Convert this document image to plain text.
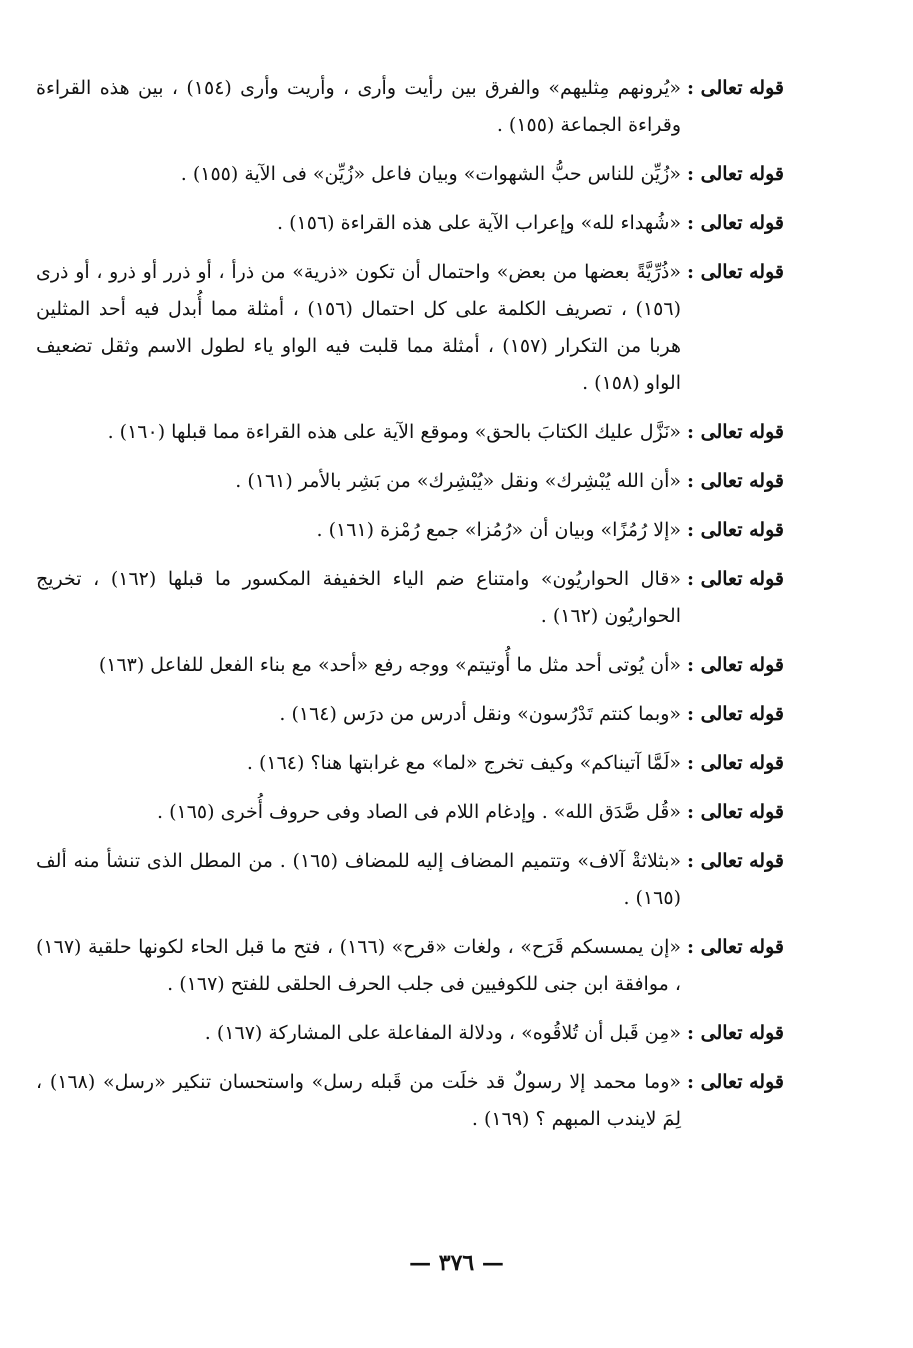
قوله تعالى :
«يُرونهم مِثليهم» والفرق بين رأيت وأرى ، وأريت وأرى (١٥٤) ، بين هذه القراءة وقراءة الجماعة (١٥٥) .
قوله تعالى :
«زُيِّن للناس حبُّ الشهوات» وبيان فاعل «زُيِّن» فى الآية (١٥٥) .
قوله تعالى :
«شُهداء لله» وإعراب الآية على هذه القراءة (١٥٦) .
قوله تعالى :
«ذُرِّيَّةً بعضها من بعض» واحتمال أن تكون «ذرية» من ذرأ ، أو ذرر أو ذرو ، أو ذرى (١٥٦) ، تصريف الكلمة على كل احتمال (١٥٦) ، أمثلة مما أُبدل فيه أحد المثلين هربا من التكرار (١٥٧) ، أمثلة مما قلبت فيه الواو ياء لطول الاسم وثقل تضعيف الواو (١٥٨) .
قوله تعالى :
«نَزَّل عليك الكتابَ بالحق» وموقع الآية على هذه القراءة مما قبلها (١٦٠) .
قوله تعالى :
«أن الله يُبْشِرك» ونقل «يُبْشِرك» من بَشِر بالأمر (١٦١) .
قوله تعالى :
«إلا رُمُزًا» وبيان أن «رُمُزا» جمع رُمْزة (١٦١) .
قوله تعالى :
«قال الحواريُون» وامتناع ضم الياء الخفيفة المكسور ما قبلها (١٦٢) ، تخريج الحواريُون (١٦٢) .
قوله تعالى :
«أن يُوتى أحد مثل ما أُوتيتم» ووجه رفع «أحد» مع بناء الفعل للفاعل (١٦٣)
قوله تعالى :
«وبما كنتم تَدْرُسون» ونقل أدرس من درَس (١٦٤) .
قوله تعالى :
«لَمَّا آتيناكم» وكيف تخرج «لما» مع غرابتها هنا؟ (١٦٤) .
قوله تعالى :
«قُل صَّدَق الله» . وإدغام اللام فى الصاد وفى حروف أُخرى (١٦٥) .
قوله تعالى :
«بثلاثةْ آلاف» وتتميم المضاف إليه للمضاف (١٦٥) . من المطل الذى تنشأ منه ألف (١٦٥) .
قوله تعالى :
«إن يمسسكم قَرَح» ، ولغات «قرح» (١٦٦) ، فتح ما قبل الحاء لكونها حلقية (١٦٧) ، موافقة ابن جنى للكوفيين فى جلب الحرف الحلقى للفتح (١٦٧) .
قوله تعالى :
«مِن قَبل أن تُلاقُوه» ، ودلالة المفاعلة على المشاركة (١٦٧) .
قوله تعالى :
«وما محمد إلا رسولٌ قد خلَت من قَبله رسل» واستحسان تنكير «رسل» (١٦٨) ، لِمَ لايندب المبهم ؟ (١٦٩) .
— ٣٧٦ —
